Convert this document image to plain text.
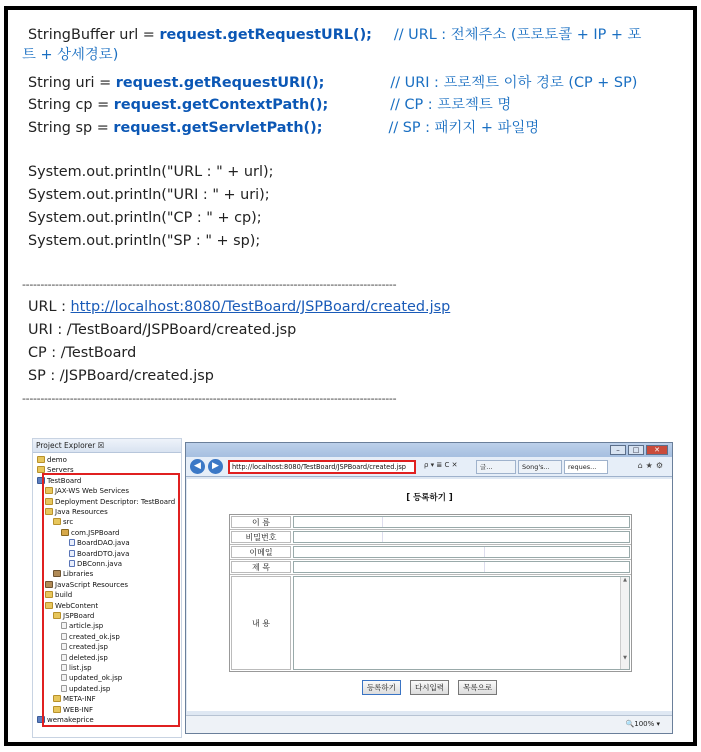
StringBuffer url = request.getRequestURL(); // URL : 전체주소 (프로토콜 + IP + 포
트 + 상세경로)
String uri = request.getRequestURI();	// URI : 프로젝트 이하 경로 (CP + SP)
String cp = request.getContextPath();	// CP : 프로젝트 명
String sp = request.getServletPath();	// SP : 패키지 + 파일명
System.out.println("URL : " + url);
System.out.println("URI : " + uri);
System.out.println("CP : " + cp);
System.out.println("SP : " + sp);
------------------------------------------------------------------------------------------------------
URL : http://localhost:8080/TestBoard/JSPBoard/created.jsp
URI : /TestBoard/JSPBoard/created.jsp
CP : /TestBoard
SP : /JSPBoard/created.jsp
------------------------------------------------------------------------------------------------------
Project Explorer ☒
demo
Servers
TestBoard
JAX-WS Web Services
Deployment Descriptor: TestBoard
Java Resources
src
com.JSPBoard
BoardDAO.java
BoardDTO.java
DBConn.java
Libraries
JavaScript Resources
build
WebContent
JSPBoard
article.jsp
created_ok.jsp
created.jsp
deleted.jsp
list.jsp
updated_ok.jsp
updated.jsp
META-INF
WEB-INF
wemakeprice
–	□	✕
◀	▶	http://localhost:8080/TestBoard/JSPBoard/created.jsp	ρ ▾ ≣ C ✕	글...	Song's...	reques...	⌂★⚙
[ 등록하기 ]
이 름
비밀번호
이메일
제 목
내 용
▲

▼
등록하기	다시입력	목록으로
🔍100% ▾
